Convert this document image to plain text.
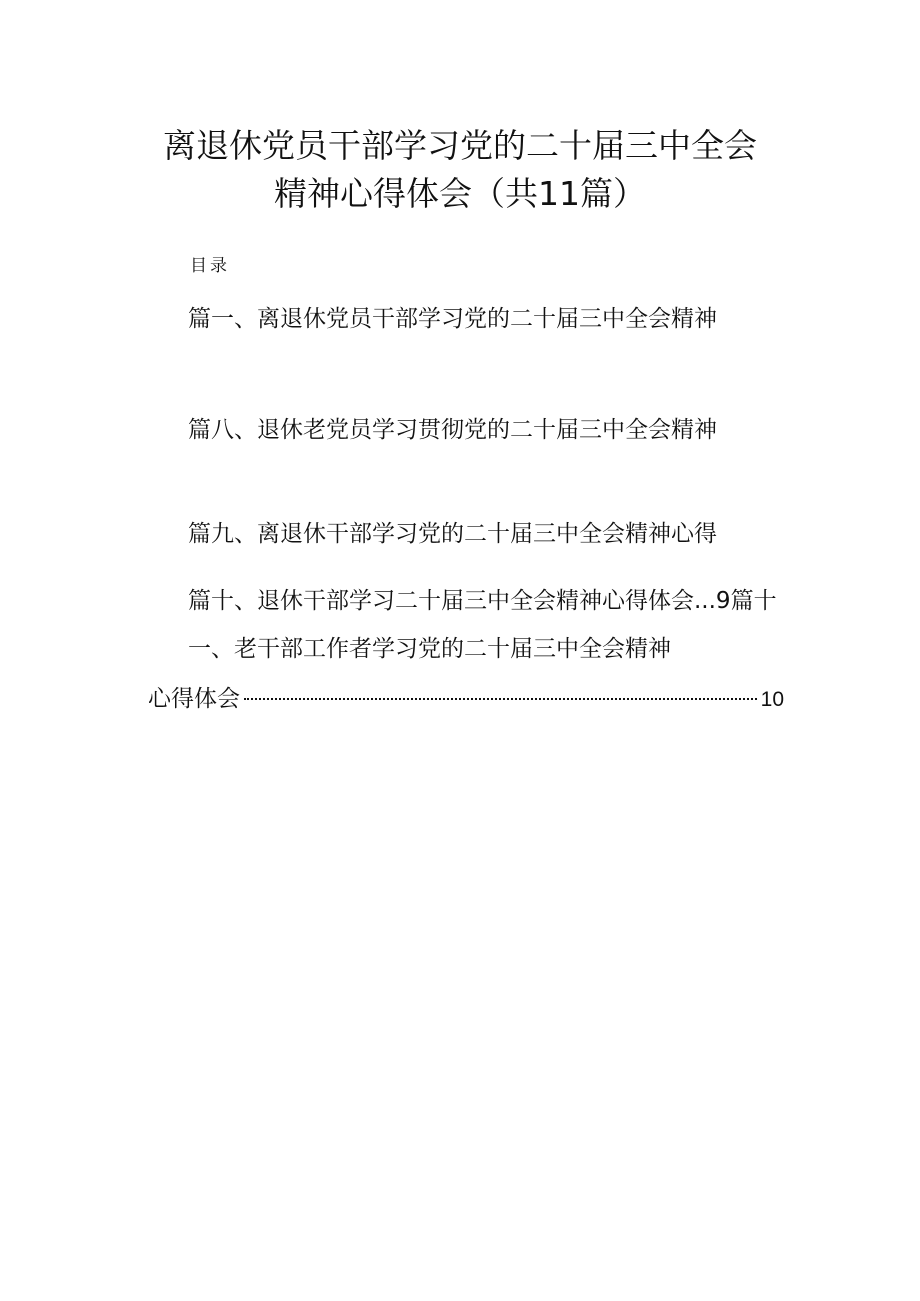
离退休党员干部学习党的二十届三中全会
精神心得体会（共11篇）
目录
篇一、离退休党员干部学习党的二十届三中全会精神
篇八、退休老党员学习贯彻党的二十届三中全会精神
篇九、离退休干部学习党的二十届三中全会精神心得
篇十、退休干部学习二十届三中全会精神心得体会...9篇十
一、老干部工作者学习党的二十届三中全会精神
心得体会	10
